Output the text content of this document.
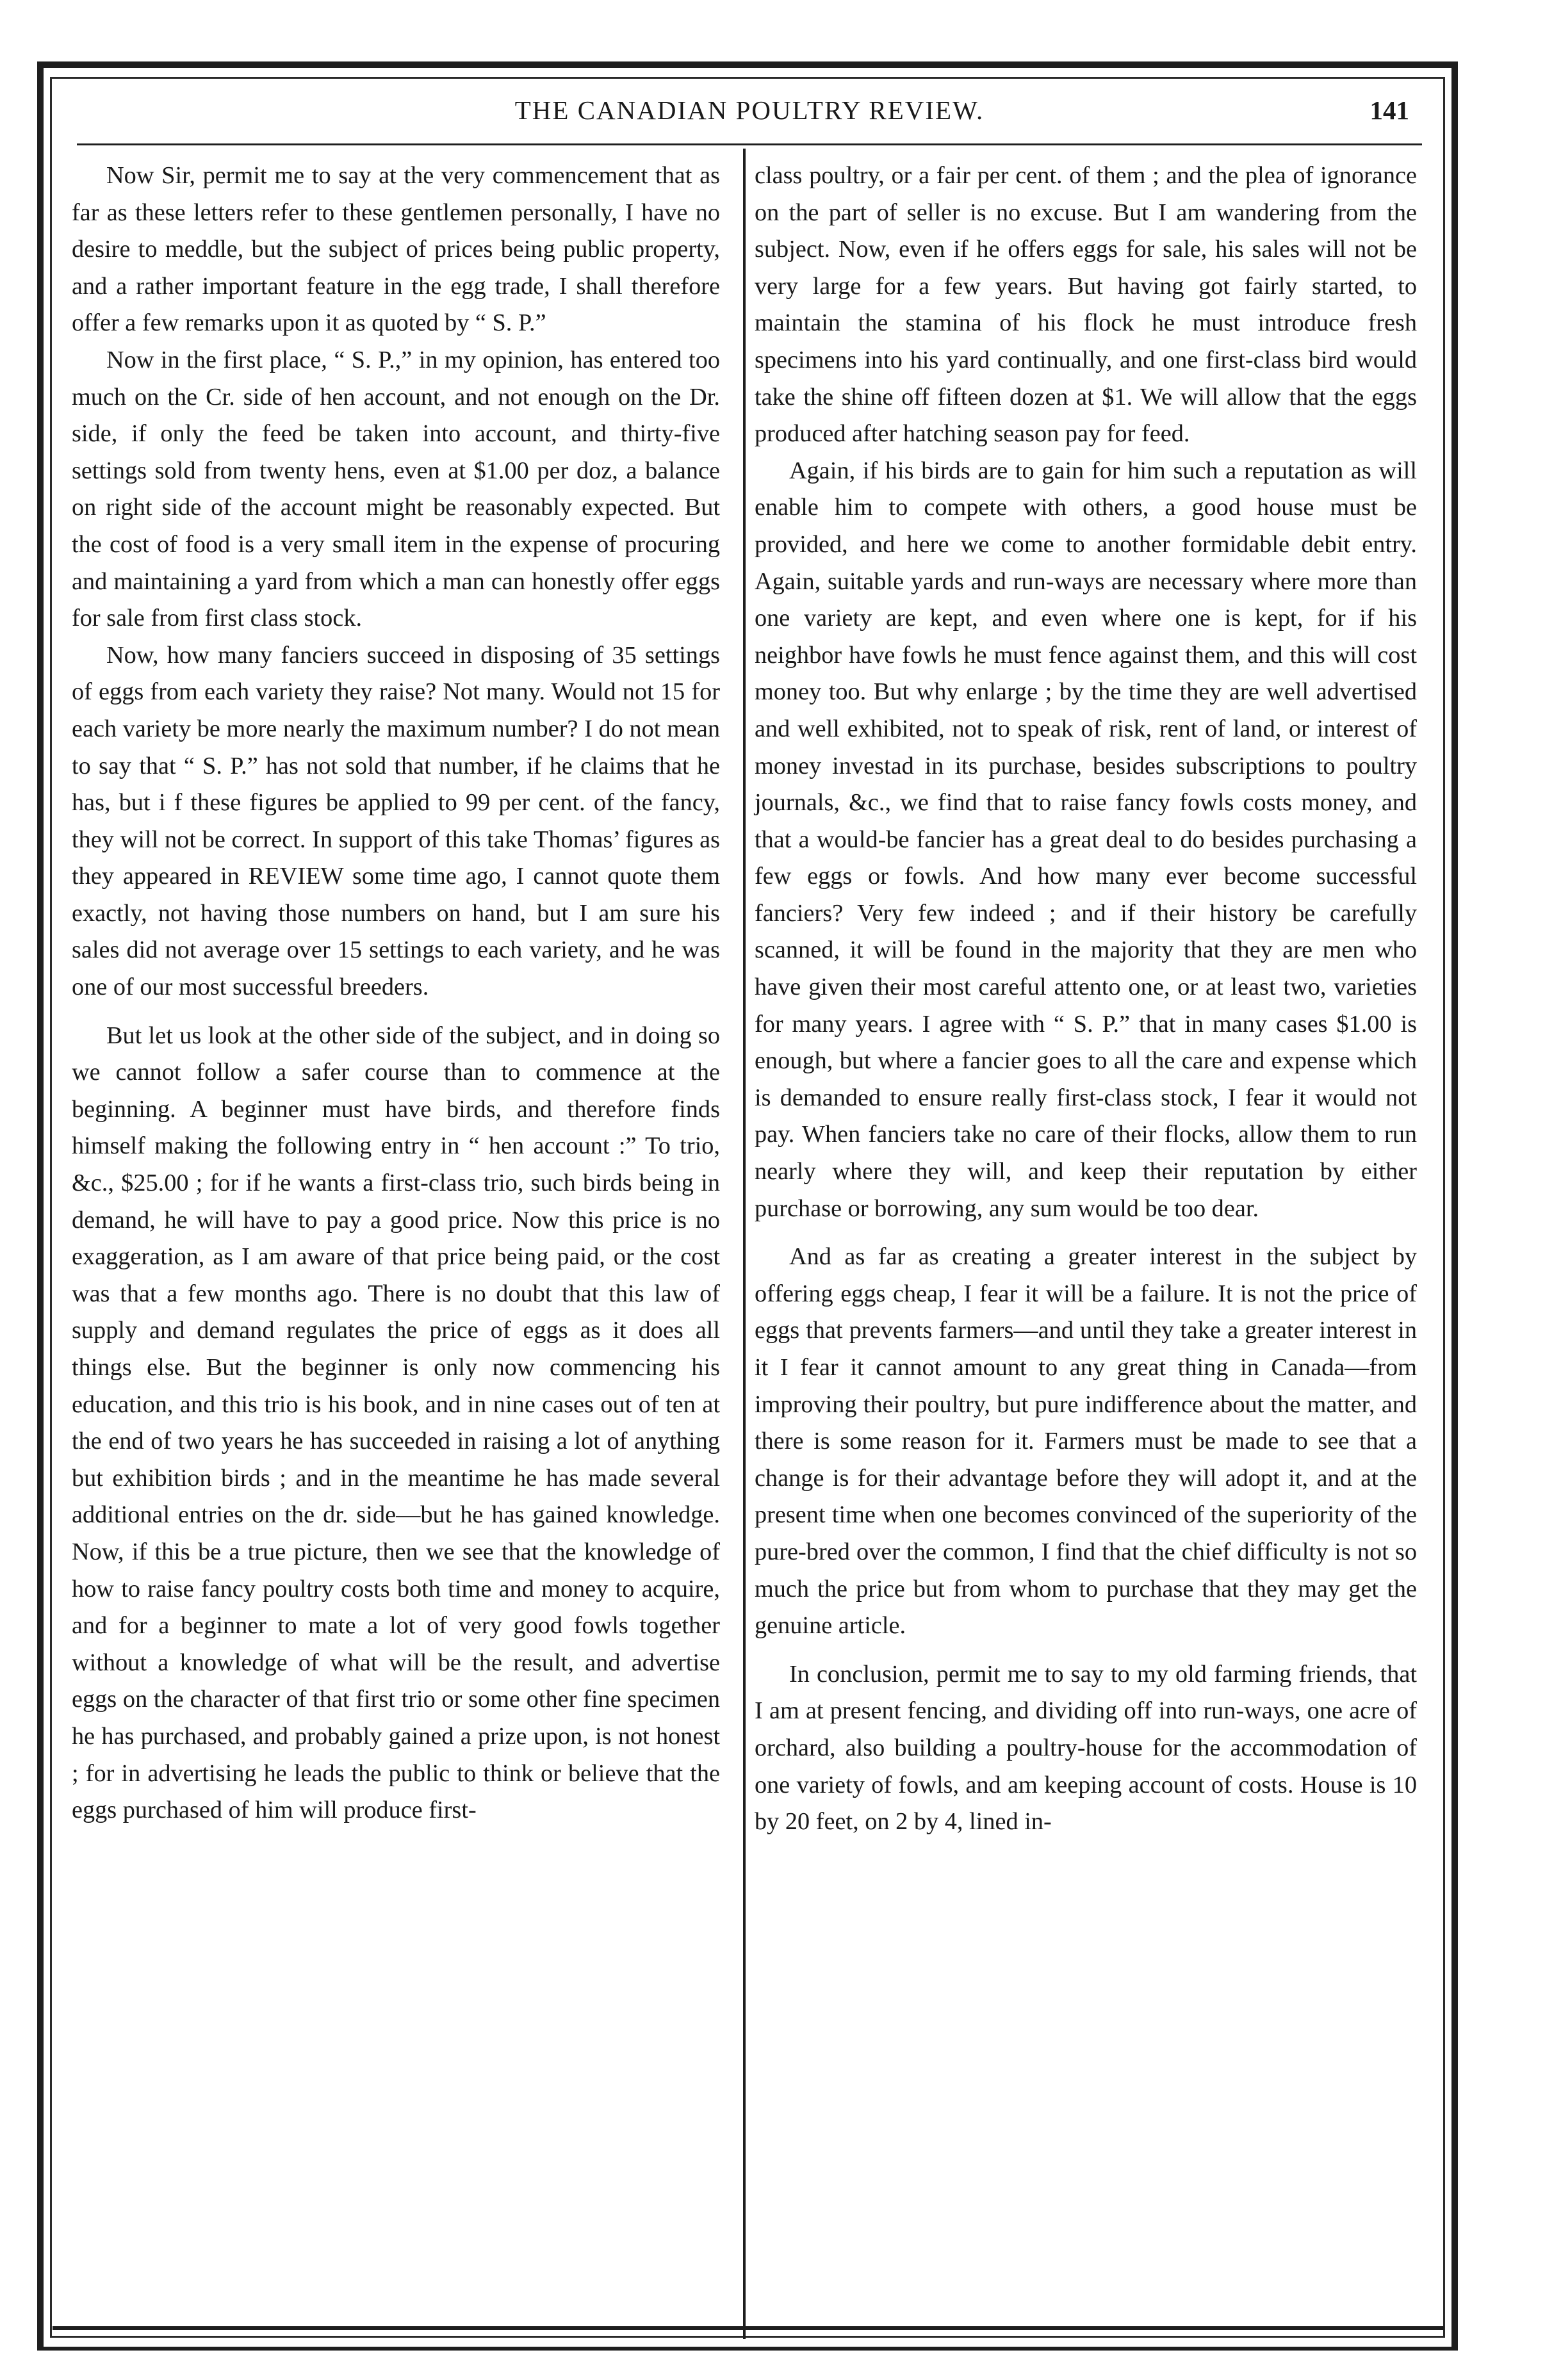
THE CANADIAN POULTRY REVIEW.	141

Now Sir, permit me to say at the very commencement that as far as these letters refer to these gentlemen personally, I have no desire to meddle, but the subject of prices being public property, and a rather important feature in the egg trade, I shall therefore offer a few remarks upon it as quoted by “ S. P.”

Now in the first place, “ S. P.,” in my opinion, has entered too much on the Cr. side of hen account, and not enough on the Dr. side, if only the feed be taken into account, and thirty-five settings sold from twenty hens, even at $1.00 per doz, a balance on right side of the account might be reasonably expected. But the cost of food is a very small item in the expense of procuring and maintaining a yard from which a man can honestly offer eggs for sale from first class stock.

Now, how many fanciers succeed in disposing of 35 settings of eggs from each variety they raise? Not many. Would not 15 for each variety be more nearly the maximum number? I do not mean to say that “ S. P.” has not sold that number, if he claims that he has, but i f these figures be applied to 99 per cent. of the fancy, they will not be correct. In support of this take Thomas’ figures as they appeared in REVIEW some time ago, I cannot quote them exactly, not having those numbers on hand, but I am sure his sales did not average over 15 settings to each variety, and he was one of our most successful breeders.

But let us look at the other side of the subject, and in doing so we cannot follow a safer course than to commence at the beginning. A beginner must have birds, and therefore finds himself making the following entry in “ hen account :” To trio, &c., $25.00 ; for if he wants a first-class trio, such birds being in demand, he will have to pay a good price. Now this price is no exaggeration, as I am aware of that price being paid, or the cost was that a few months ago. There is no doubt that this law of supply and demand regulates the price of eggs as it does all things else. But the beginner is only now commencing his education, and this trio is his book, and in nine cases out of ten at the end of two years he has succeeded in raising a lot of anything but exhibition birds ; and in the meantime he has made several additional entries on the dr. side—but he has gained knowledge. Now, if this be a true picture, then we see that the knowledge of how to raise fancy poultry costs both time and money to acquire, and for a beginner to mate a lot of very good fowls together without a knowledge of what will be the result, and advertise eggs on the character of that first trio or some other fine specimen he has purchased, and probably gained a prize upon, is not honest ; for in advertising he leads the public to think or believe that the eggs purchased of him will produce first-

class poultry, or a fair per cent. of them ; and the plea of ignorance on the part of seller is no excuse. But I am wandering from the subject. Now, even if he offers eggs for sale, his sales will not be very large for a few years. But having got fairly started, to maintain the stamina of his flock he must introduce fresh specimens into his yard continually, and one first-class bird would take the shine off fifteen dozen at $1. We will allow that the eggs produced after hatching season pay for feed.

Again, if his birds are to gain for him such a reputation as will enable him to compete with others, a good house must be provided, and here we come to another formidable debit entry. Again, suitable yards and run-ways are necessary where more than one variety are kept, and even where one is kept, for if his neighbor have fowls he must fence against them, and this will cost money too. But why enlarge ; by the time they are well advertised and well exhibited, not to speak of risk, rent of land, or interest of money investad in its purchase, besides subscriptions to poultry journals, &c., we find that to raise fancy fowls costs money, and that a would-be fancier has a great deal to do besides purchasing a few eggs or fowls. And how many ever become successful fanciers? Very few indeed ; and if their history be carefully scanned, it will be found in the majority that they are men who have given their most careful attento one, or at least two, varieties for many years. I agree with “ S. P.” that in many cases $1.00 is enough, but where a fancier goes to all the care and expense which is demanded to ensure really first-class stock, I fear it would not pay. When fanciers take no care of their flocks, allow them to run nearly where they will, and keep their reputation by either purchase or borrowing, any sum would be too dear.

And as far as creating a greater interest in the subject by offering eggs cheap, I fear it will be a failure. It is not the price of eggs that prevents farmers—and until they take a greater interest in it I fear it cannot amount to any great thing in Canada—from improving their poultry, but pure indifference about the matter, and there is some reason for it. Farmers must be made to see that a change is for their advantage before they will adopt it, and at the present time when one becomes convinced of the superiority of the pure-bred over the common, I find that the chief difficulty is not so much the price but from whom to purchase that they may get the genuine article.

In conclusion, permit me to say to my old farming friends, that I am at present fencing, and dividing off into run-ways, one acre of orchard, also building a poultry-house for the accommodation of one variety of fowls, and am keeping account of costs. House is 10 by 20 feet, on 2 by 4, lined in-
